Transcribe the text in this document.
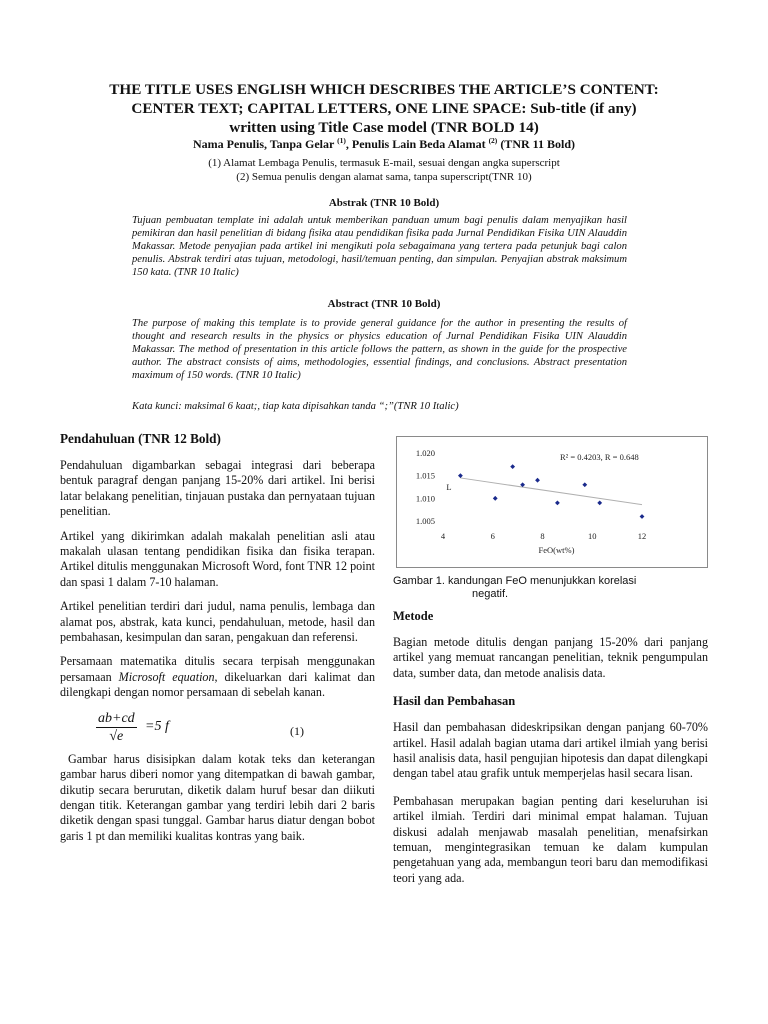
THE TITLE USES ENGLISH WHICH DESCRIBES THE ARTICLE’S CONTENT:
CENTER TEXT; CAPITAL LETTERS, ONE LINE SPACE: Sub-title (if any)
written using Title Case model (TNR BOLD 14)
Nama Penulis, Tanpa Gelar $^{(1)}$, Penulis Lain Beda Alamat $^{(2)}$ (TNR 11 Bold)
(1) Alamat Lembaga Penulis, termasuk E-mail, sesuai dengan angka superscript
(2) Semua penulis dengan alamat sama, tanpa superscript(TNR 10)
Abstrak (TNR 10 Bold)

Tujuan pembuatan template ini adalah untuk memberikan panduan umum bagi penulis dalam menyajikan hasil pemikiran dan hasil penelitian di bidang fisika atau pendidikan fisika pada Jurnal Pendidikan Fisika UIN Alauddin Makassar. Metode penyajian pada artikel ini mengikuti pola sebagaimana yang tertera pada petunjuk bagi calon penulis. Abstrak terdiri atas tujuan, metodologi, hasil/temuan penting, dan simpulan. Penyajian abstrak maksimum 150 kata. (TNR 10 Italic)

Abstract (TNR 10 Bold)

The purpose of making this template is to provide general guidance for the author in presenting the results of thought and research results in the physics or physics education of Jurnal Pendidikan Fisika UIN Alauddin Makassar. The method of presentation in this article follows the pattern, as shown in the guide for the prospective author. The abstract consists of aims, methodologies, essential findings, and conclusions. Abstract presentation maximum of 150 words. (TNR 10 Italic)

Kata kunci: maksimal 6 kaat;, tiap kata dipisahkan tanda “;”(TNR 10 Italic)
Pendahuluan (TNR 12 Bold)

Pendahuluan digambarkan sebagai integrasi dari beberapa bentuk paragraf dengan panjang 15-20% dari artikel. Ini berisi latar belakang penelitian, tinjauan pustaka dan pernyataan tujuan penelitian.

Artikel yang dikirimkan adalah makalah penelitian asli atau makalah ulasan tentang pendidikan fisika dan fisika terapan. Artikel ditulis menggunakan Microsoft Word, font TNR 12 point dan spasi 1 dalam 7-10 halaman.

Artikel penelitian terdiri dari judul, nama penulis, lembaga dan alamat pos, abstrak, kata kunci, pendahuluan, metode, hasil dan pembahasan, kesimpulan dan saran, pengakuan dan referensi.

Persamaan matematika ditulis secara terpisah menggunakan persamaan Microsoft equation, dikeluarkan dari kalimat dan dilengkapi dengan nomor persamaan di sebelah kanan.

$\frac{ab+cd}{√e} =5$ f	(1)

Gambar harus disisipkan dalam kotak teks dan keterangan gambar harus diberi nomor yang ditempatkan di bawah gambar, dikutip secara berurutan, diketik dalam huruf besar dan diikuti dengan titik. Keterangan gambar yang terdiri lebih dari 2 baris diketik dengan spasi tunggal. Gambar harus diatur dengan bobot garis 1 pt dan memiliki kualitas kontras yang baik.

1.005
1.010
1.015
1.020
4	6	8	10	12
FeO(wt%)
L
R² = 0.4203, R = 0.648
Gambar 1. kandungan FeO menunjukkan korelasi
negatif.
Metode

Bagian metode ditulis dengan panjang 15-20% dari panjang artikel yang memuat rancangan penelitian, teknik pengumpulan data, sumber data, dan metode analisis data.

Hasil dan Pembahasan

Hasil dan pembahasan dideskripsikan dengan panjang 60-70% artikel. Hasil adalah bagian utama dari artikel ilmiah yang berisi hasil analisis data, hasil pengujian hipotesis dan dapat dilengkapi dengan tabel atau grafik untuk memperjelas hasil secara lisan.

Pembahasan merupakan bagian penting dari keseluruhan isi artikel ilmiah. Terdiri dari minimal empat halaman. Tujuan diskusi adalah menjawab masalah penelitian, menafsirkan temuan, mengintegrasikan temuan ke dalam kumpulan pengetahuan yang ada, membangun teori baru dan memodifikasi teori yang ada.
